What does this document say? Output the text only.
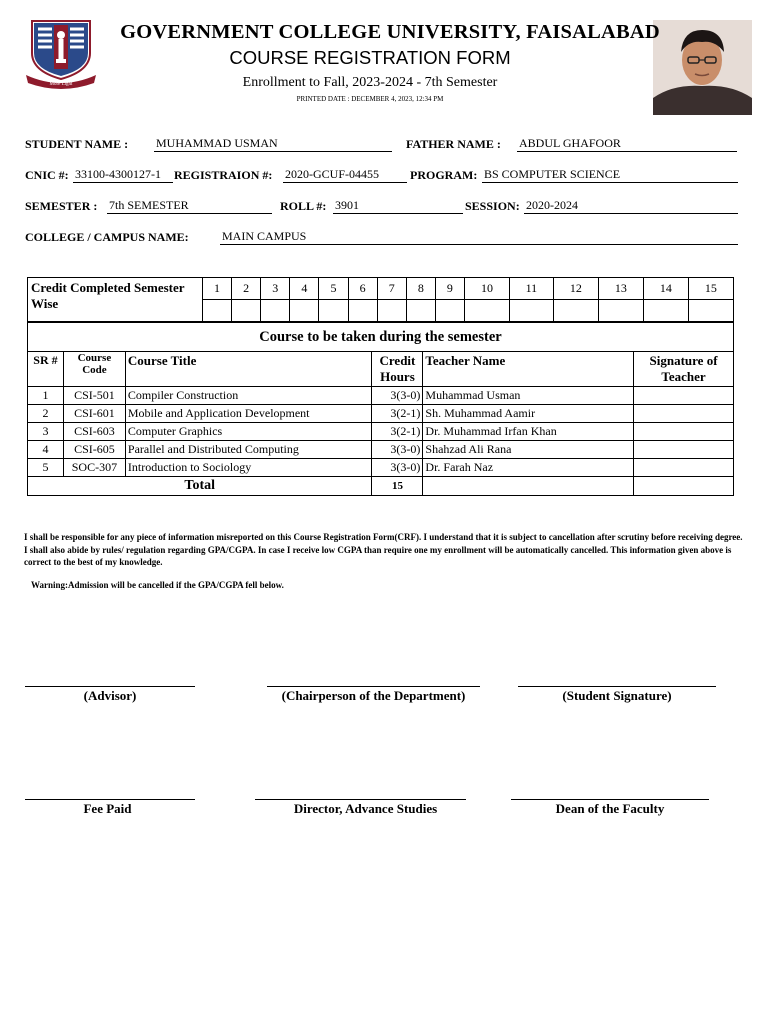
More Light
GOVERNMENT COLLEGE UNIVERSITY, FAISALABAD
COURSE REGISTRATION FORM
Enrollment to Fall, 2023-2024 - 7th Semester
PRINTED DATE : DECEMBER 4, 2023, 12:34 PM
STUDENT NAME : MUHAMMAD USMAN	FATHER NAME : ABDUL GHAFOOR
CNIC #: 33100-4300127-1	REGISTRAION #: 2020-GCUF-04455	PROGRAM: BS COMPUTER SCIENCE
SEMESTER : 7th SEMESTER	ROLL #: 3901	SESSION: 2020-2024
COLLEGE / CAMPUS NAME:	MAIN CAMPUS
Credit Completed Semester Wise	1	2	3	4	5	6	7	8	9	10	11	12	13	14	15

Course to be taken during the semester					
SR #	Course Code	Course Title	Credit Hours	Teacher Name	Signature of Teacher
1	CSI-501	Compiler Construction	3(3-0)	Muhammad Usman	
2	CSI-601	Mobile and Application Development	3(2-1)	Sh. Muhammad Aamir	
3	CSI-603	Computer Graphics	3(2-1)	Dr. Muhammad Irfan Khan	
4	CSI-605	Parallel and Distributed Computing	3(3-0)	Shahzad Ali Rana	
5	SOC-307	Introduction to Sociology	3(3-0)	Dr. Farah Naz	
Total			15		
I shall be responsible for any piece of information misreported on this Course Registration Form(CRF). I understand that it is subject to cancellation after scrutiny before receiving degree. I shall also abide by rules/ regulation regarding GPA/CGPA. In case I receive low CGPA than require one my enrollment will be automatically cancelled. This information given above is correct to the best of my knowledge.
Warning:Admission will be cancelled if the GPA/CGPA fell below.
(Advisor)	(Chairperson of the Department)	(Student Signature)
Fee Paid	Director, Advance Studies	Dean of the Faculty
